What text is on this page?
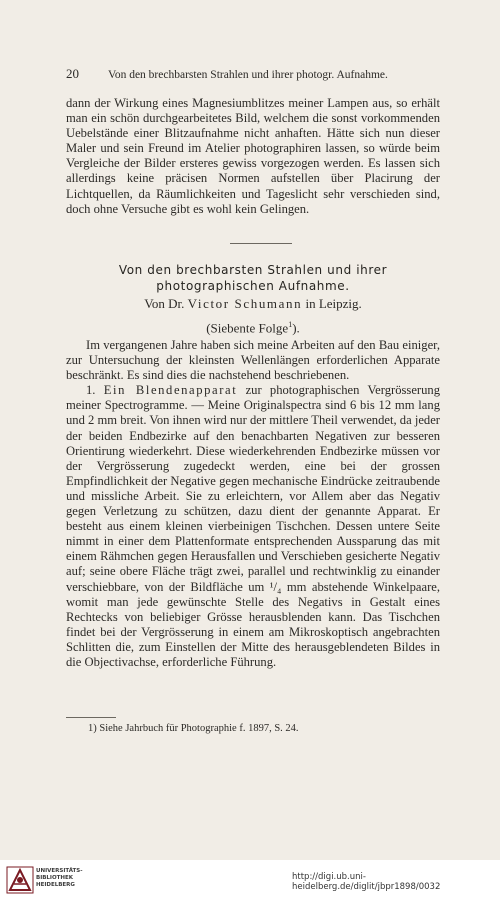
20	Von den brechbarsten Strahlen und ihrer photogr. Aufnahme.

dann der Wirkung eines Magnesiumblitzes meiner Lampen aus, so erhält man ein schön durchgearbeitetes Bild, welchem die sonst vorkommenden Uebelstände einer Blitzaufnahme nicht anhaften. Hätte sich nun dieser Maler und sein Freund im Atelier photographiren lassen, so würde beim Vergleiche der Bilder ersteres gewiss vorgezogen werden. Es lassen sich allerdings keine präcisen Normen aufstellen über Placirung der Lichtquellen, da Räumlichkeiten und Tageslicht sehr verschieden sind, doch ohne Versuche gibt es wohl kein Gelingen.

Von den brechbarsten Strahlen und ihrer
photographischen Aufnahme.
Von Dr. Victor Schumann in Leipzig.
(Siebente Folge$^1$).

Im vergangenen Jahre haben sich meine Arbeiten auf den Bau einiger, zur Untersuchung der kleinsten Wellenlängen erforderlichen Apparate beschränkt. Es sind dies die nachstehend beschriebenen.

1. Ein Blendenapparat zur photographischen Vergrösserung meiner Spectrogramme. — Meine Originalspectra sind 6 bis 12 mm lang und 2 mm breit. Von ihnen wird nur der mittlere Theil verwendet, da jeder der beiden Endbezirke auf den benachbarten Negativen zur besseren Orientirung wiederkehrt. Diese wiederkehrenden Endbezirke müssen vor der Vergrösserung zugedeckt werden, eine bei der grossen Empfindlichkeit der Negative gegen mechanische Eindrücke zeitraubende und missliche Arbeit. Sie zu erleichtern, vor Allem aber das Negativ gegen Verletzung zu schützen, dazu dient der genannte Apparat. Er besteht aus einem kleinen vierbeinigen Tischchen. Dessen untere Seite nimmt in einer dem Plattenformate entsprechenden Aussparung das mit einem Rähmchen gegen Herausfallen und Verschieben gesicherte Negativ auf; seine obere Fläche trägt zwei, parallel und rechtwinklig zu einander verschiebbare, von der Bildfläche um ¹/₄ mm abstehende Winkelpaare, womit man jede gewünschte Stelle des Negativs in Gestalt eines Rechtecks von beliebiger Grösse herausblenden kann. Das Tischchen findet bei der Vergrösserung in einem am Mikroskoptisch angebrachten Schlitten die, zum Einstellen der Mitte des herausgeblendeten Bildes in die Objectivachse, erforderliche Führung.

1) Siehe Jahrbuch für Photographie f. 1897, S. 24.
UNIVERSITÄTS-
BIBLIOTHEK
HEIDELBERG
http://digi.ub.uni-heidelberg.de/diglit/jbpr1898/0032
